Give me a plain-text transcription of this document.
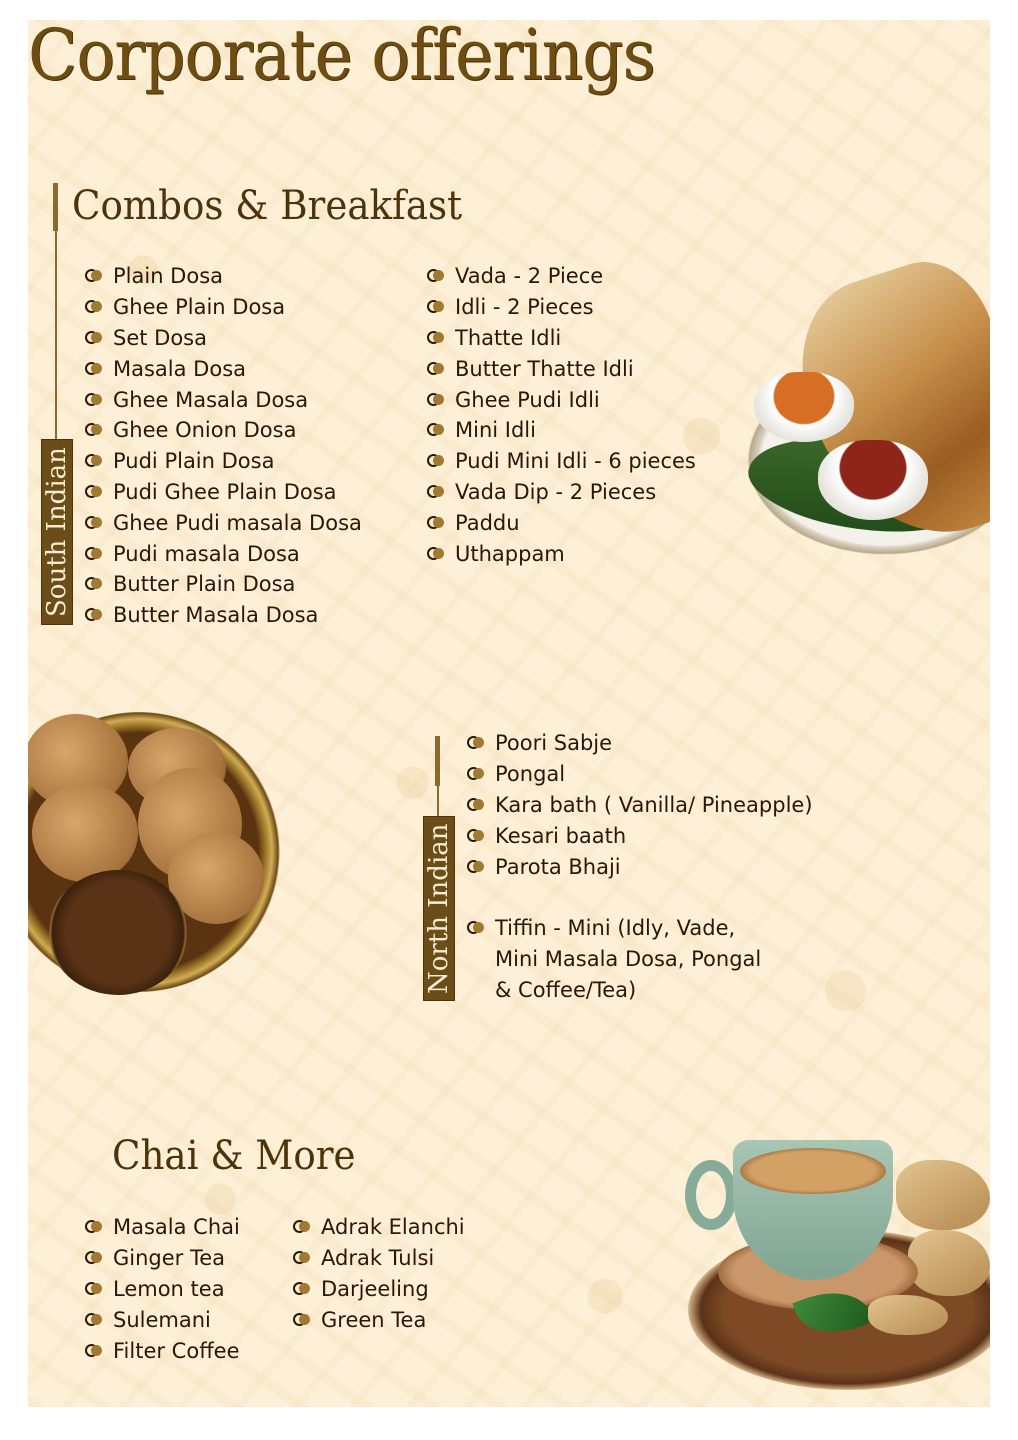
Corporate offerings
Combos & Breakfast
South Indian
Plain Dosa
Ghee Plain Dosa
Set Dosa
Masala Dosa
Ghee Masala Dosa
Ghee Onion Dosa
Pudi Plain Dosa
Pudi Ghee Plain Dosa
Ghee Pudi masala Dosa
Pudi masala Dosa
Butter Plain Dosa
Butter Masala Dosa
Vada - 2 Piece
Idli - 2 Pieces
Thatte Idli
Butter Thatte Idli
Ghee Pudi Idli
Mini Idli
Pudi Mini Idli - 6 pieces
Vada Dip - 2 Pieces
Paddu
Uthappam
North Indian
Poori Sabje
Pongal
Kara bath ( Vanilla/ Pineapple)
Kesari baath
Parota Bhaji
Tiffin - Mini (Idly, Vade,
Mini Masala Dosa, Pongal
& Coffee/Tea)
Chai & More
Masala Chai
Ginger Tea
Lemon tea
Sulemani
Filter Coffee
Adrak Elanchi
Adrak Tulsi
Darjeeling
Green Tea
